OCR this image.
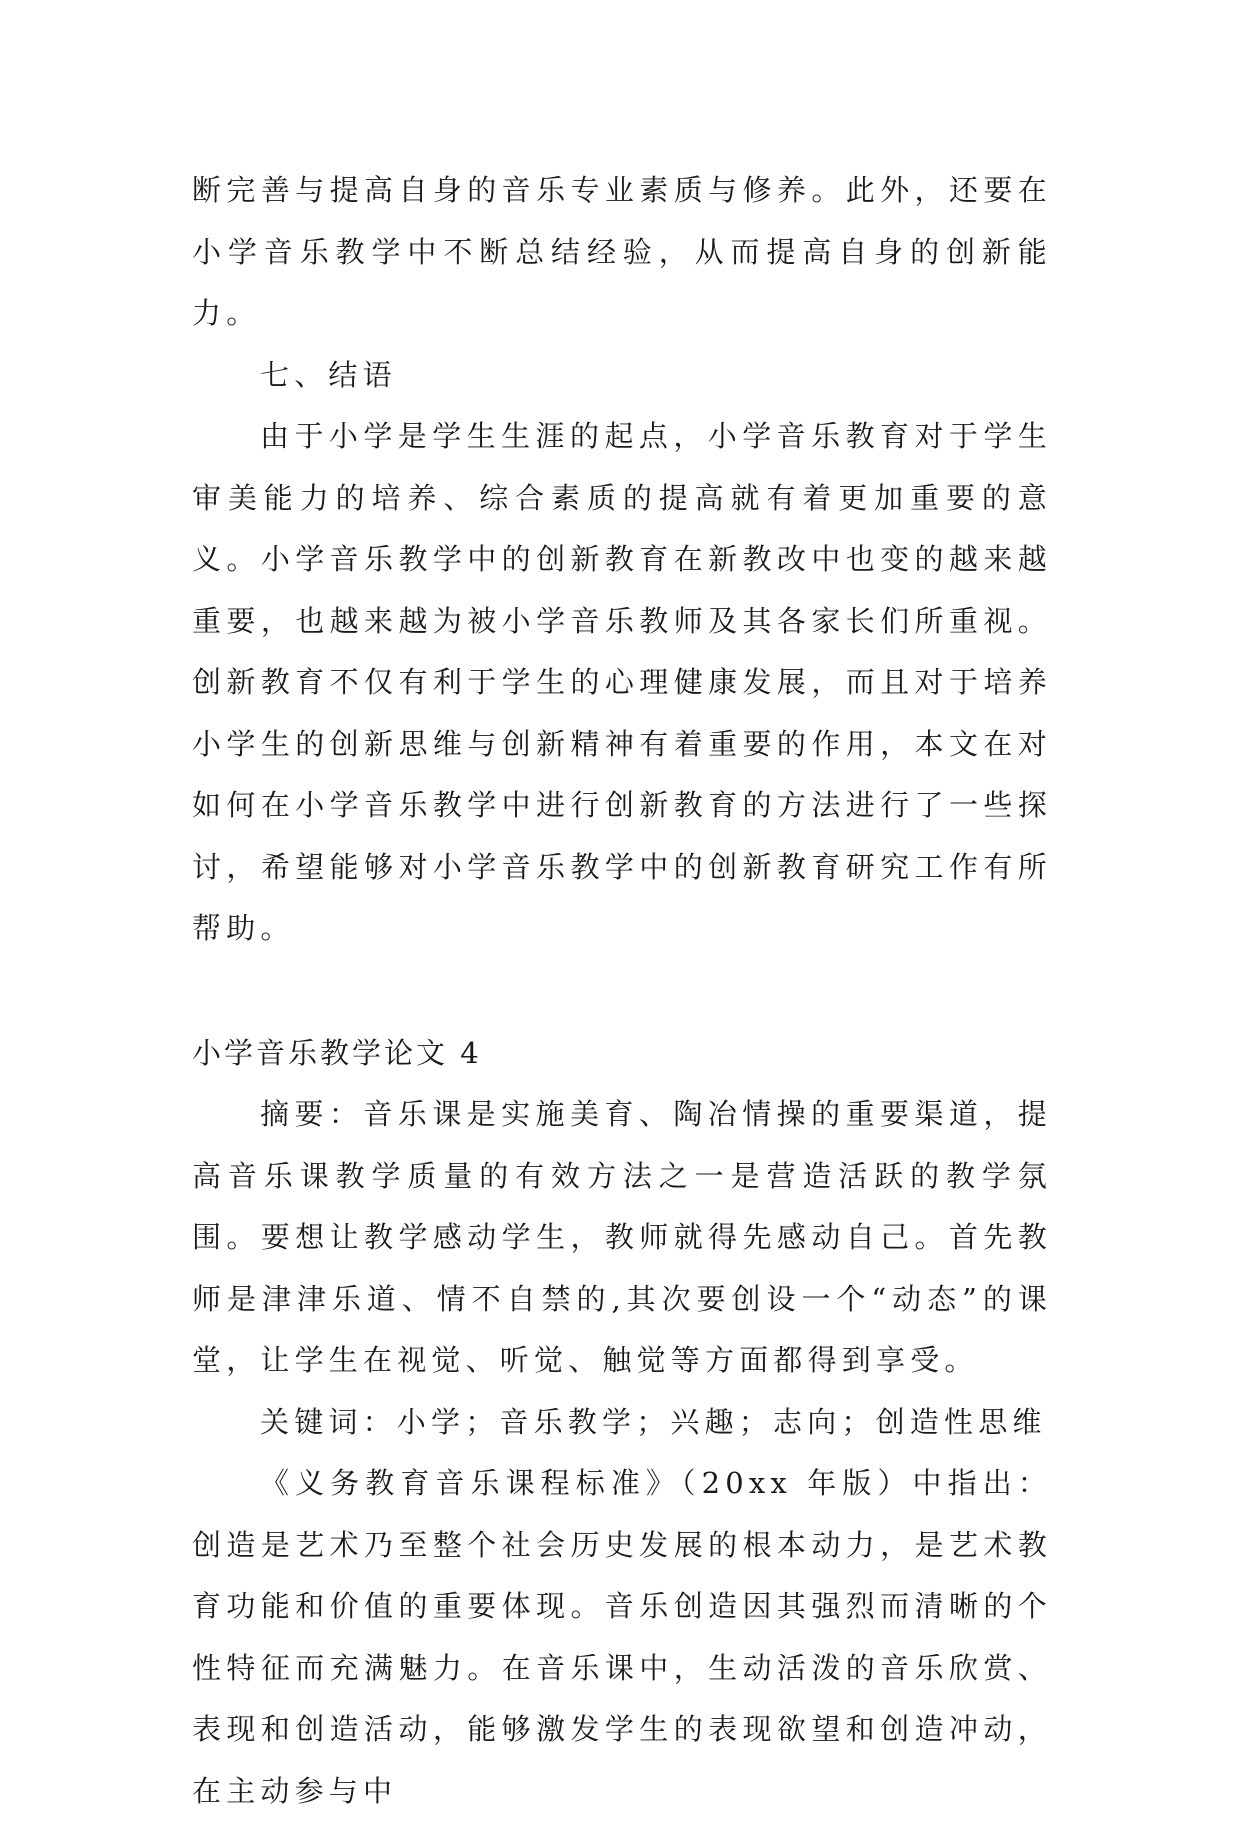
断完善与提高自身的音乐专业素质与修养。此外，还要在小学音乐教学中不断总结经验，从而提高自身的创新能力。

七、结语

由于小学是学生生涯的起点，小学音乐教育对于学生审美能力的培养、综合素质的提高就有着更加重要的意义。小学音乐教学中的创新教育在新教改中也变的越来越重要，也越来越为被小学音乐教师及其各家长们所重视。创新教育不仅有利于学生的心理健康发展，而且对于培养小学生的创新思维与创新精神有着重要的作用，本文在对如何在小学音乐教学中进行创新教育的方法进行了一些探讨，希望能够对小学音乐教学中的创新教育研究工作有所帮助。

小学音乐教学论文 4

摘要：音乐课是实施美育、陶冶情操的重要渠道，提高音乐课教学质量的有效方法之一是营造活跃的教学氛围。要想让教学感动学生，教师就得先感动自己。首先教师是津津乐道、情不自禁的,其次要创设一个“动态”的课堂，让学生在视觉、听觉、触觉等方面都得到享受。

关键词：小学；音乐教学；兴趣；志向；创造性思维

《义务教育音乐课程标准》（20xx 年版）中指出：创造是艺术乃至整个社会历史发展的根本动力，是艺术教育功能和价值的重要体现。音乐创造因其强烈而清晰的个性特征而充满魅力。在音乐课中，生动活泼的音乐欣赏、表现和创造活动，能够激发学生的表现欲望和创造冲动，在主动参与中
